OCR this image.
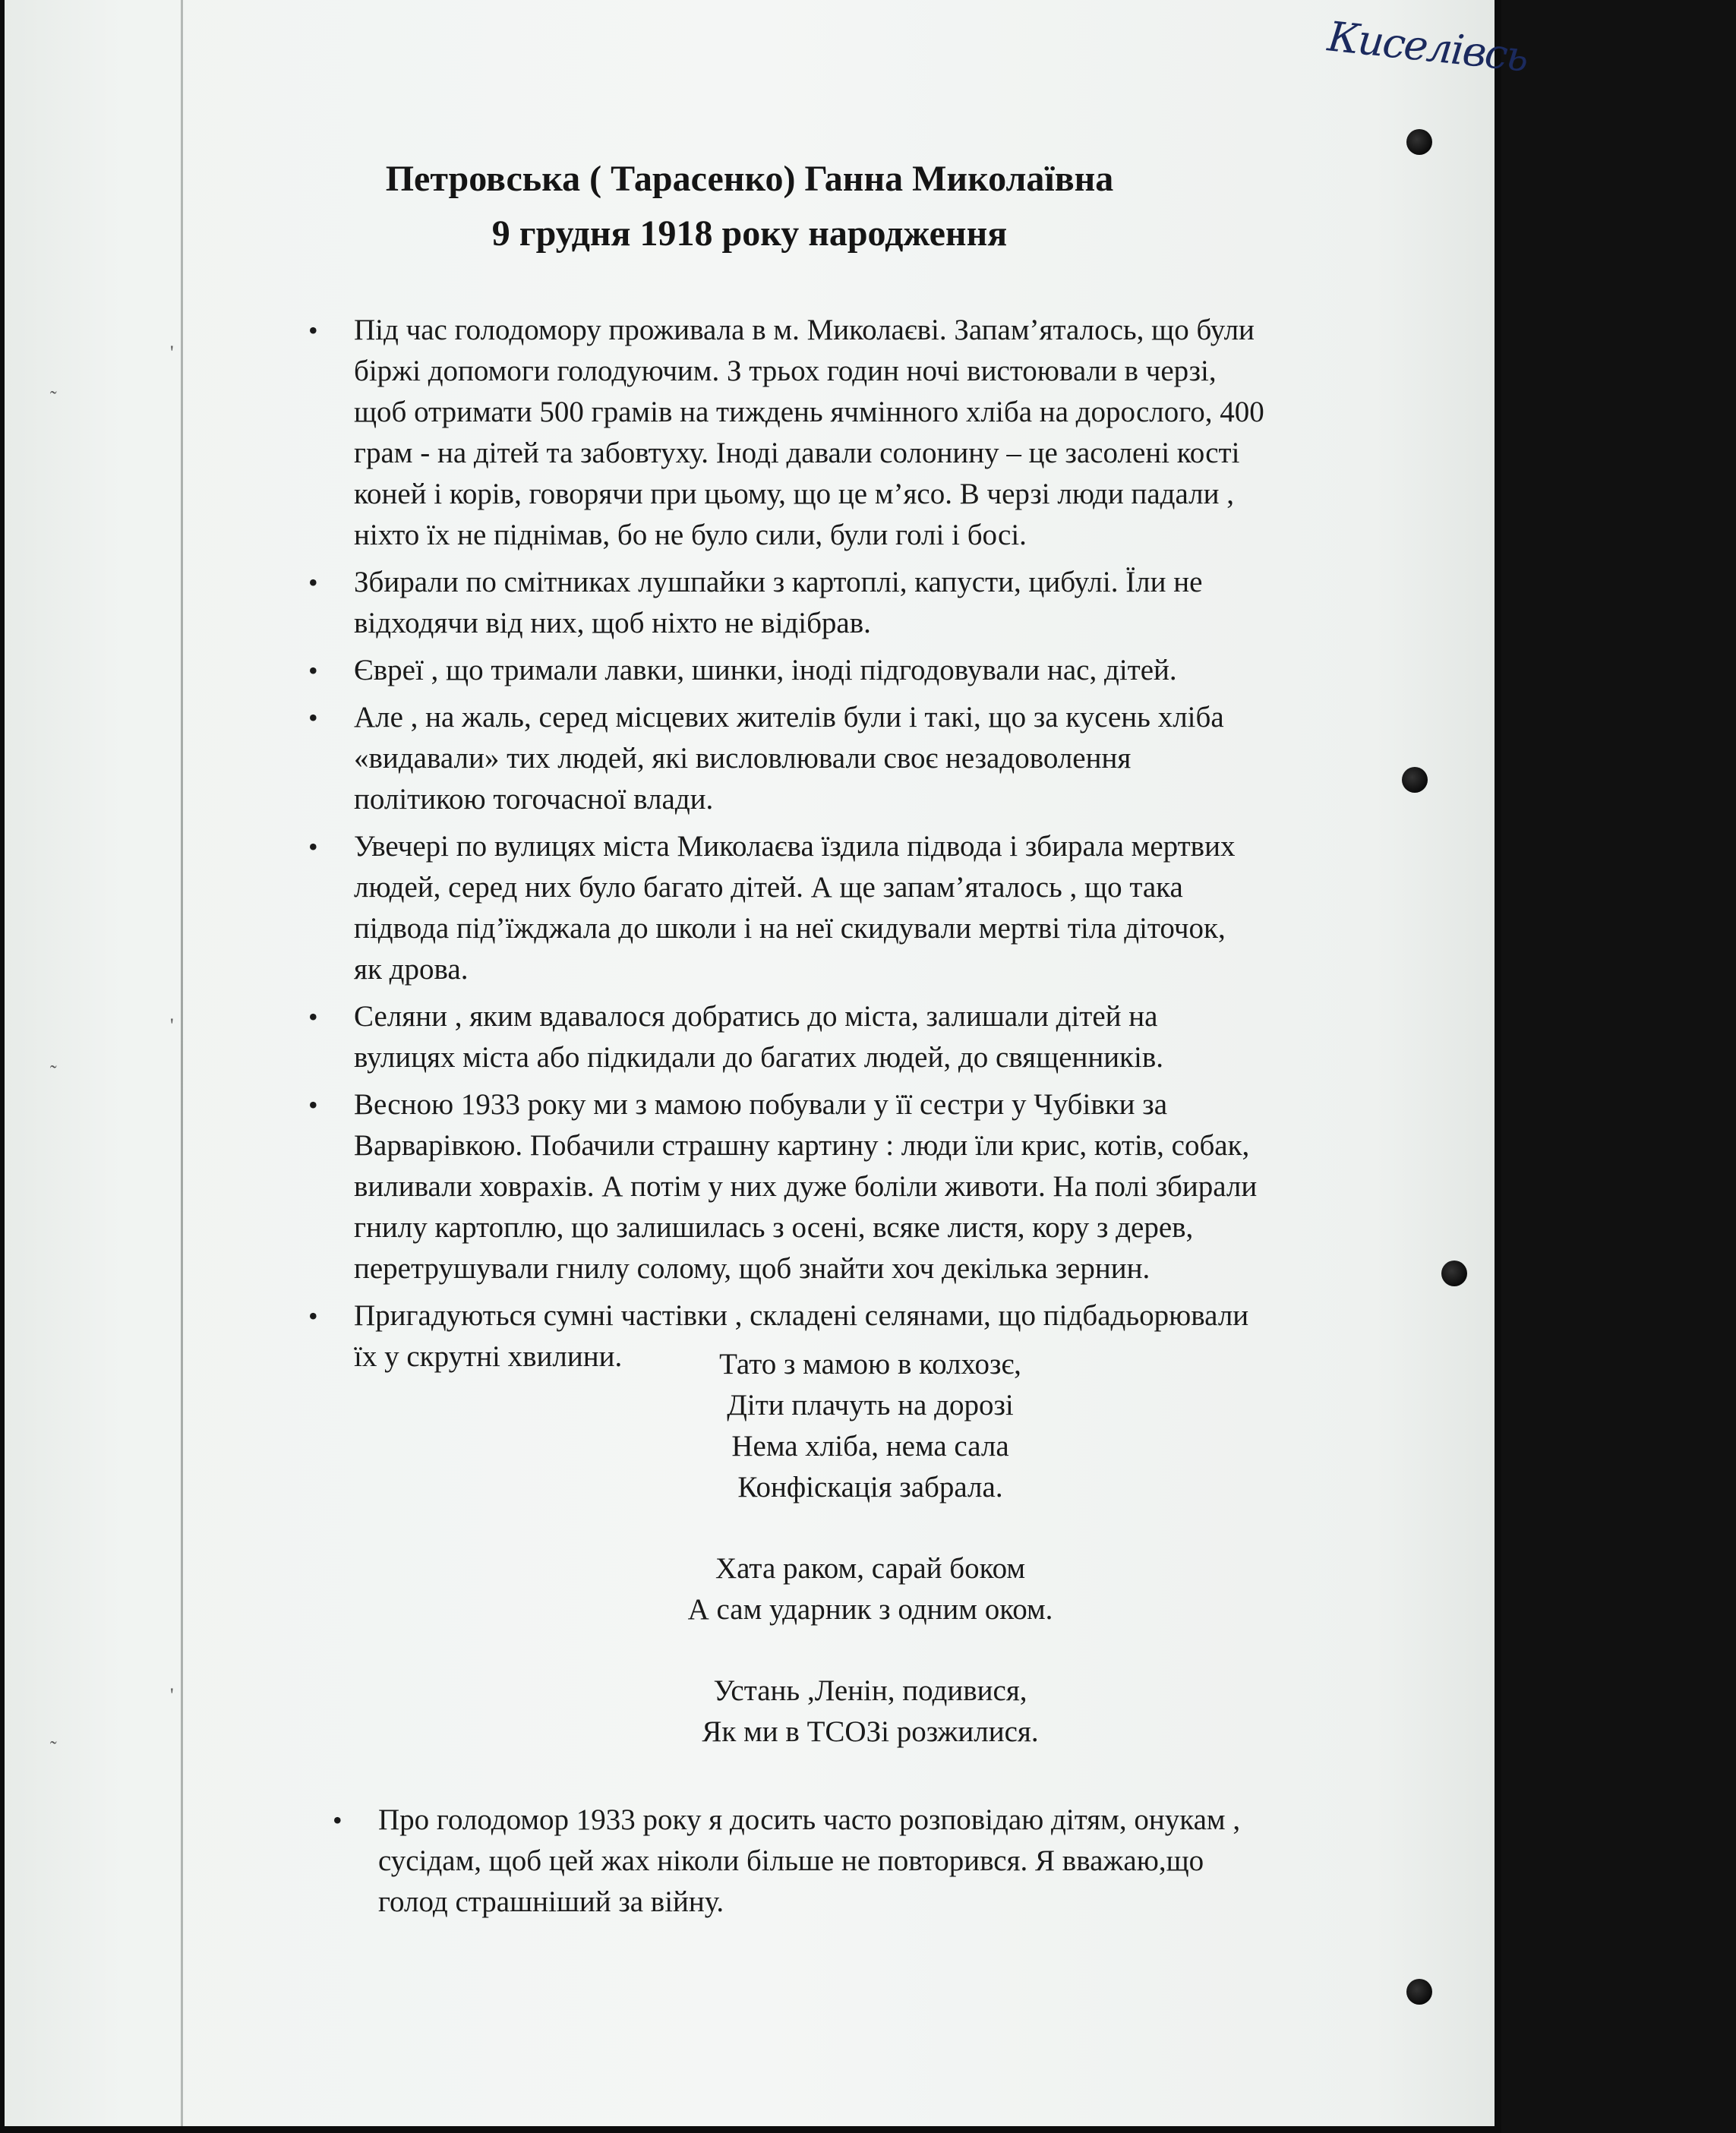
'
˜
'
˜
'
˜
Киселівсь
Петровська ( Тарасенко) Ганна Миколаївна
9 грудня 1918 року народження
• Під час голодомору проживала в м. Миколаєві. Запам’яталось, що були
біржі допомоги голодуючим. З трьох годин ночі вистоювали в черзі,
щоб отримати 500 грамів на тиждень ячмінного хліба на дорослого, 400
грам - на дітей та забовтуху. Іноді давали солонину – це засолені кості
коней і корів, говорячи при цьому, що це м’ясо. В черзі люди падали ,
ніхто їх не піднімав, бо не було сили, були голі і босі.
• Збирали по смітниках лушпайки з картоплі, капусти, цибулі. Їли не
відходячи від них, щоб ніхто не відібрав.
• Євреї , що тримали лавки, шинки, іноді підгодовували нас, дітей.
• Але , на жаль, серед місцевих жителів були і такі, що за кусень хліба
«видавали» тих людей, які висловлювали своє незадоволення
політикою тогочасної влади.
• Увечері по вулицях міста Миколаєва їздила підвода і збирала мертвих
людей, серед них було багато дітей. А ще запам’яталось , що така
підвода під’їжджала до школи і на неї скидували мертві тіла діточок,
як дрова.
• Селяни , яким вдавалося добратись до міста, залишали дітей на
вулицях міста або підкидали до багатих людей, до священників.
• Весною 1933 року ми з мамою побували у її сестри у Чубівки за
Варварівкою. Побачили страшну картину : люди їли крис, котів, собак,
виливали ховрахів. А потім у них дуже боліли животи. На полі збирали
гнилу картоплю, що залишилась з осені, всяке листя, кору з дерев,
перетрушували гнилу солому, щоб знайти хоч декілька зернин.
• Пригадуються сумні частівки , складені селянами, що підбадьорювали
їх у скрутні хвилини.	Тато з мамою в колхозє,
Діти плачуть на дорозі
Нема хліба, нема сала
Конфіскація забрала.
Хата раком, сарай боком
А сам ударник з одним оком.
Устань ,Ленін, подивися,
Як ми в ТСОЗі розжилися.
• Про голодомор 1933 року я досить часто розповідаю дітям, онукам ,
сусідам, щоб цей жах ніколи більше не повторився. Я вважаю,що
голод страшніший за війну.
